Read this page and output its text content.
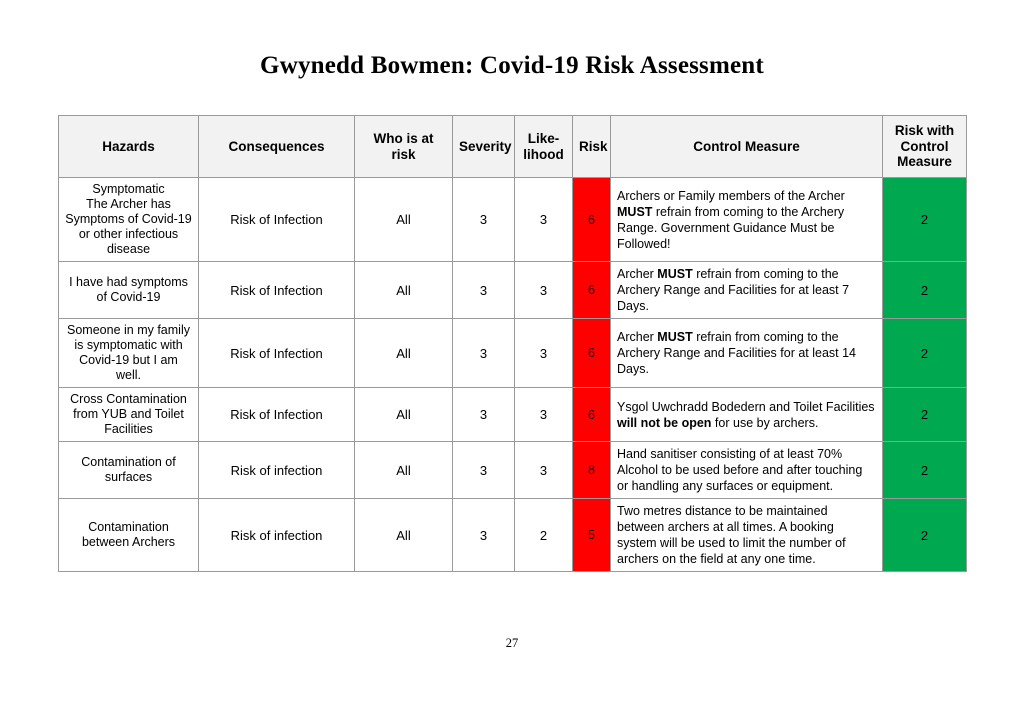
Gwynedd Bowmen: Covid-19 Risk Assessment
Hazards	Consequences	Who is at risk	Severity	Like-lihood	Risk	Control Measure	Risk with Control Measure
Symptomatic
The Archer has Symptoms of Covid-19 or other infectious disease	Risk of Infection	All	3	3	6	Archers or Family members of the Archer MUST refrain from coming to the Archery Range. Government Guidance Must be Followed!	2
I have had symptoms of Covid-19	Risk of Infection	All	3	3	6	Archer MUST refrain from coming to the Archery Range and Facilities for at least 7 Days.	2
Someone in my family is symptomatic with Covid-19 but I am well.	Risk of Infection	All	3	3	6	Archer MUST refrain from coming to the Archery Range and Facilities for at least 14 Days.	2
Cross Contamination from YUB and Toilet Facilities	Risk of Infection	All	3	3	6	Ysgol Uwchradd Bodedern and Toilet Facilities will not be open for use by archers.	2
Contamination of surfaces	Risk of infection	All	3	3	8	Hand sanitiser consisting of at least 70% Alcohol to be used before and after touching or handling any surfaces or equipment.	2
Contamination between Archers	Risk of infection	All	3	2	5	Two metres distance to be maintained between archers at all times. A booking system will be used to limit the number of archers on the field at any one time.	2
27
